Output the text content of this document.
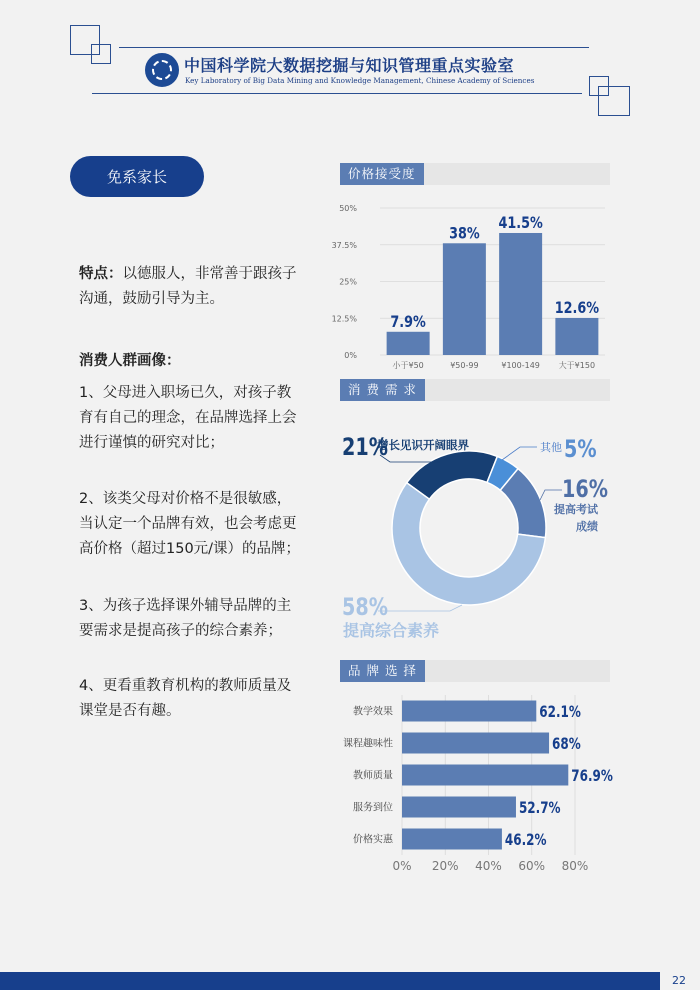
中国科学院大数据挖掘与知识管理重点实验室
Key Laboratory of Big Data Mining and Knowledge Management, Chinese Academy of Sciences
免系家长
特点：以德服人，非常善于跟孩子沟通，鼓励引导为主。
消费人群画像：
1、父母进入职场已久，对孩子教育有自己的理念，在品牌选择上会进行谨慎的研究对比；
2、该类父母对价格不是很敏感，当认定一个品牌有效，也会考虑更高价格（超过150元/课）的品牌；
3、为孩子选择课外辅导品牌的主要需求是提高孩子的综合素养；
4、更看重教育机构的教师质量及课堂是否有趣。
价格接受度
消 费 需 求
品 牌 选 择
0%
12.5%
25%
37.5%
50%
7.9%
小于¥50
38%
¥50-99
41.5%
¥100-149
12.6%
大于¥150
21%
增长见识开阔眼界	其他 5%
16%
提高考试
成绩
58%
提高综合素养
0% 20% 40% 60% 80%
教学效果	62.1%
课程趣味性	68%
教师质量	76.9%
服务到位	52.7%
价格实惠	46.2%
22
